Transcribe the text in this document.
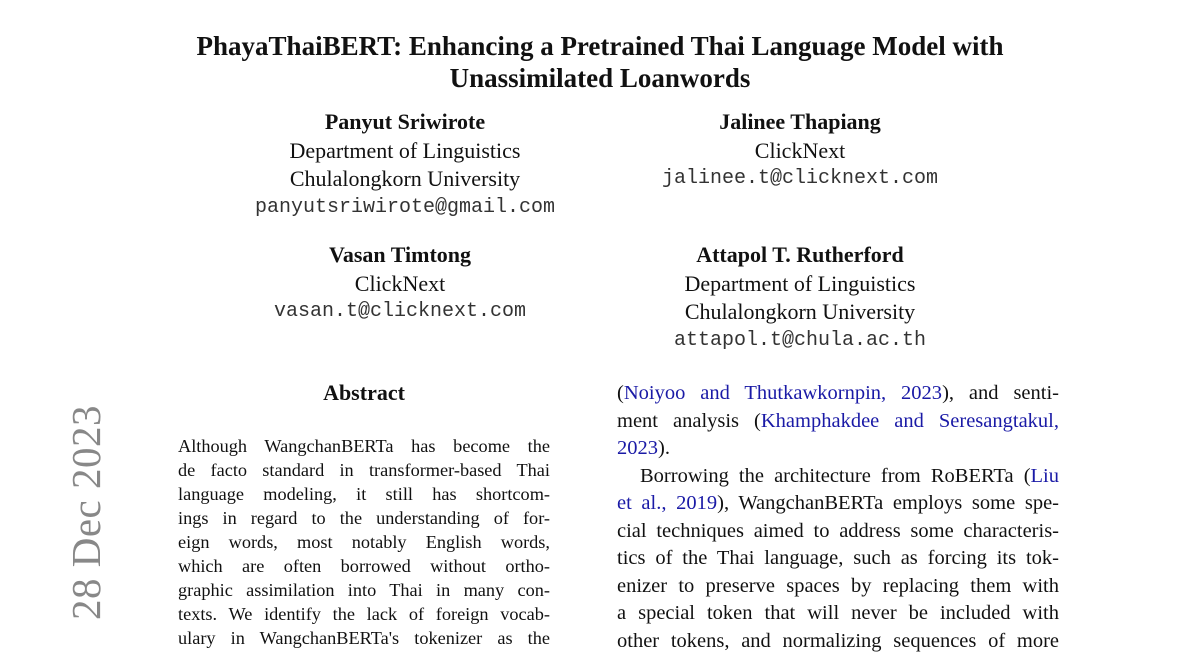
28 Dec 2023
PhayaThaiBERT: Enhancing a Pretrained Thai Language Model with
Unassimilated Loanwords
Panyut Sriwirote
Department of Linguistics
Chulalongkorn University
panyutsriwirote@gmail.com
Jalinee Thapiang
ClickNext
jalinee.t@clicknext.com
Vasan Timtong
ClickNext
vasan.t@clicknext.com
Attapol T. Rutherford
Department of Linguistics
Chulalongkorn University
attapol.t@chula.ac.th
Abstract
Although WangchanBERTa has become the
de facto standard in transformer-based Thai
language modeling, it still has shortcom-
ings in regard to the understanding of for-
eign words, most notably English words,
which are often borrowed without ortho-
graphic assimilation into Thai in many con-
texts. We identify the lack of foreign vocab-
ulary in WangchanBERTa's tokenizer as the
(Noiyoo and Thutkawkornpin, 2023), and senti-
ment analysis (Khamphakdee and Seresangtakul,
2023).
Borrowing the architecture from RoBERTa (Liu
et al., 2019), WangchanBERTa employs some spe-
cial techniques aimed to address some characteris-
tics of the Thai language, such as forcing its tok-
enizer to preserve spaces by replacing them with
a special token that will never be included with
other tokens, and normalizing sequences of more
